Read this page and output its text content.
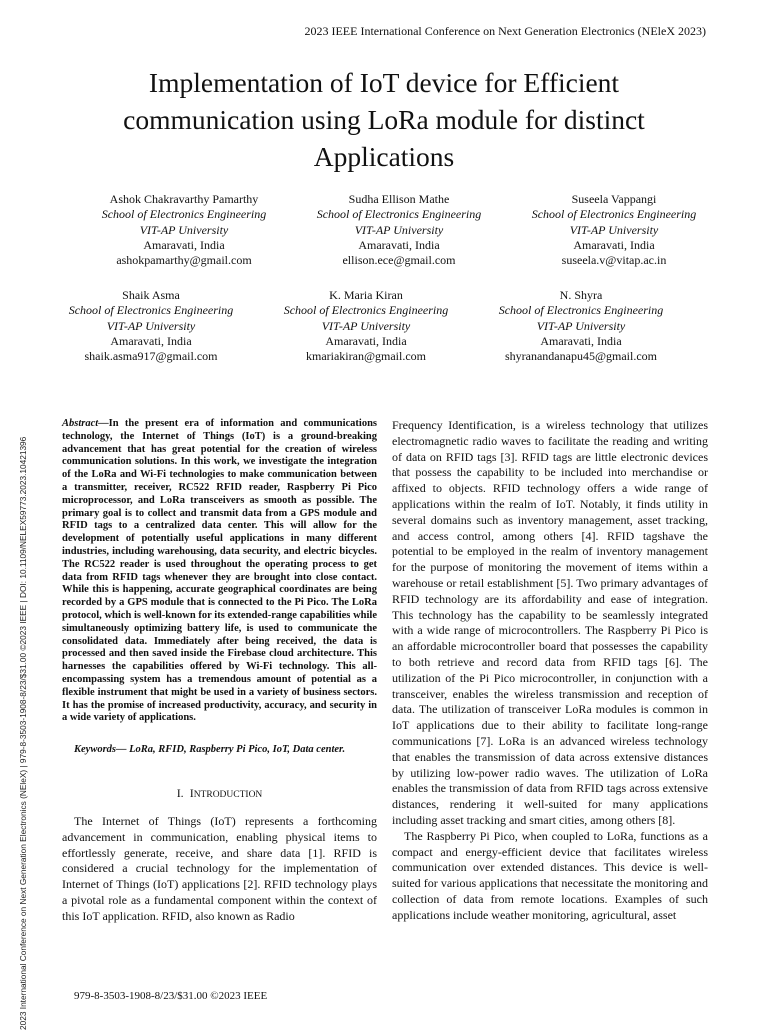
2023 IEEE International Conference on Next Generation Electronics (NEleX 2023)
Implementation of IoT device for Efficient
communication using LoRa module for distinct
Applications
Ashok Chakravarthy Pamarthy
School of Electronics Engineering
VIT-AP University
Amaravati, India
ashokpamarthy@gmail.com
Sudha Ellison Mathe
School of Electronics Engineering
VIT-AP University
Amaravati, India
ellison.ece@gmail.com
Suseela Vappangi
School of Electronics Engineering
VIT-AP University
Amaravati, India
suseela.v@vitap.ac.in
Shaik Asma
School of Electronics Engineering
VIT-AP University
Amaravati, India
shaik.asma917@gmail.com
K. Maria Kiran
School of Electronics Engineering
VIT-AP University
Amaravati, India
kmariakiran@gmail.com
N. Shyra
School of Electronics Engineering
VIT-AP University
Amaravati, India
shyranandanapu45@gmail.com
2023 International Conference on Next Generation Electronics (NEleX) | 979-8-3503-1908-8/23/$31.00 ©2023 IEEE | DOI: 10.1109/NELEX59773.2023.10421396

Abstract—In the present era of information and communications technology, the Internet of Things (IoT) is a ground-breaking advancement that has great potential for the creation of wireless communication solutions. In this work, we investigate the integration of the LoRa and Wi-Fi technologies to make communication between a transmitter, receiver, RC522 RFID reader, Raspberry Pi Pico microprocessor, and LoRa transceivers as smooth as possible. The primary goal is to collect and transmit data from a GPS module and RFID tags to a centralized data center. This will allow for the development of potentially useful applications in many different industries, including warehousing, data security, and electric bicycles. The RC522 reader is used throughout the operating process to get data from RFID tags whenever they are brought into close contact. While this is happening, accurate geographical coordinates are being recorded by a GPS module that is connected to the Pi Pico. The LoRa protocol, which is well-known for its extended-range capabilities while simultaneously optimizing battery life, is used to communicate the consolidated data. Immediately after being received, the data is processed and then saved inside the Firebase cloud architecture. This harnesses the capabilities offered by Wi-Fi technology. This all-encompassing system has a tremendous amount of potential as a flexible instrument that might be used in a variety of business sectors. It has the promise of increased productivity, accuracy, and security in a wide variety of applications.

Keywords— LoRa, RFID, Raspberry Pi Pico, IoT, Data center.

I. INTRODUCTION

The Internet of Things (IoT) represents a forthcoming advancement in communication, enabling physical items to effortlessly generate, receive, and share data [1]. RFID is considered a crucial technology for the implementation of Internet of Things (IoT) applications [2]. RFID technology plays a pivotal role as a fundamental component within the context of this IoT application. RFID, also known as Radio

Frequency Identification, is a wireless technology that utilizes electromagnetic radio waves to facilitate the reading and writing of data on RFID tags [3]. RFID tags are little electronic devices that possess the capability to be included into merchandise or affixed to objects. RFID technology offers a wide range of applications within the realm of IoT. Notably, it finds utility in several domains such as inventory management, asset tracking, and access control, among others [4]. RFID tagshave the potential to be employed in the realm of inventory management for the purpose of monitoring the movement of items within a warehouse or retail establishment [5]. Two primary advantages of RFID technology are its affordability and ease of integration. This technology has the capability to be seamlessly integrated with a wide range of microcontrollers. The Raspberry Pi Pico is an affordable microcontroller board that possesses the capability to both retrieve and record data from RFID tags [6]. The utilization of the Pi Pico microcontroller, in conjunction with a transceiver, enables the wireless transmission and reception of data. The utilization of transceiver LoRa modules is common in IoT applications due to their ability to facilitate long-range communications [7]. LoRa is an advanced wireless technology that enables the transmission of data across extensive distances by utilizing low-power radio waves. The utilization of LoRa enables the transmission of data from RFID tags across extensive distances, rendering it well-suited for many applications including asset tracking and smart cities, among others [8].

The Raspberry Pi Pico, when coupled to LoRa, functions as a compact and energy-efficient device that facilitates wireless communication over extended distances. This device is well-suited for various applications that necessitate the monitoring and collection of data from remote locations. Examples of such applications include weather monitoring, agricultural, asset

979-8-3503-1908-8/23/$31.00 ©2023 IEEE
